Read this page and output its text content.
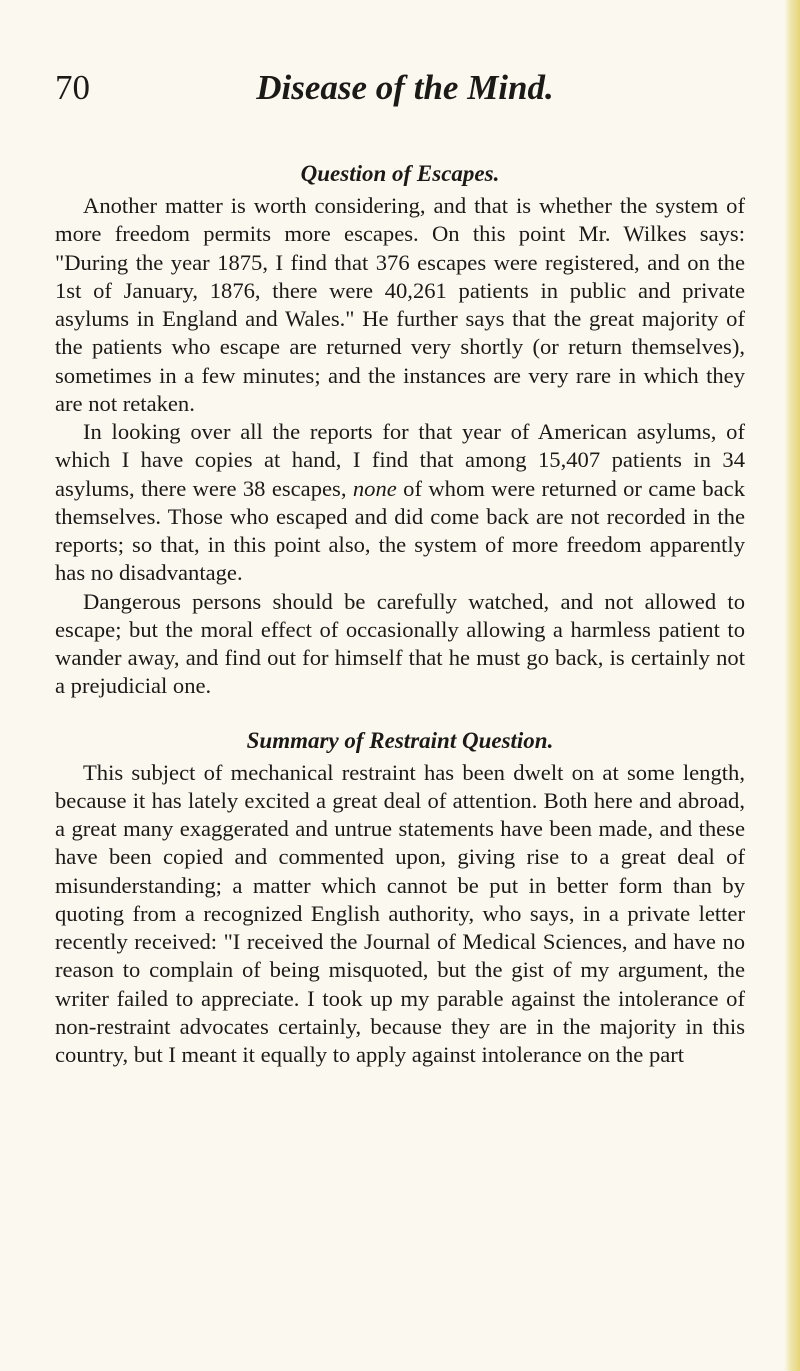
70	Disease of the Mind.
Question of Escapes.

Another matter is worth considering, and that is whether the system of more freedom permits more escapes. On this point Mr. Wilkes says: "During the year 1875, I find that 376 escapes were registered, and on the 1st of January, 1876, there were 40,261 patients in public and private asylums in England and Wales." He further says that the great majority of the patients who escape are returned very shortly (or return themselves), sometimes in a few minutes; and the instances are very rare in which they are not retaken.

In looking over all the reports for that year of American asylums, of which I have copies at hand, I find that among 15,407 patients in 34 asylums, there were 38 escapes, none of whom were returned or came back themselves. Those who escaped and did come back are not recorded in the reports; so that, in this point also, the system of more freedom apparently has no disadvantage.

Dangerous persons should be carefully watched, and not allowed to escape; but the moral effect of occasionally allowing a harmless patient to wander away, and find out for himself that he must go back, is certainly not a prejudicial one.

Summary of Restraint Question.

This subject of mechanical restraint has been dwelt on at some length, because it has lately excited a great deal of attention. Both here and abroad, a great many exaggerated and untrue statements have been made, and these have been copied and commented upon, giving rise to a great deal of misunderstanding; a matter which cannot be put in better form than by quoting from a recognized English authority, who says, in a private letter recently received: "I received the Journal of Medical Sciences, and have no reason to complain of being misquoted, but the gist of my argument, the writer failed to appreciate. I took up my parable against the intolerance of non-restraint advocates certainly, because they are in the majority in this country, but I meant it equally to apply against intolerance on the part
